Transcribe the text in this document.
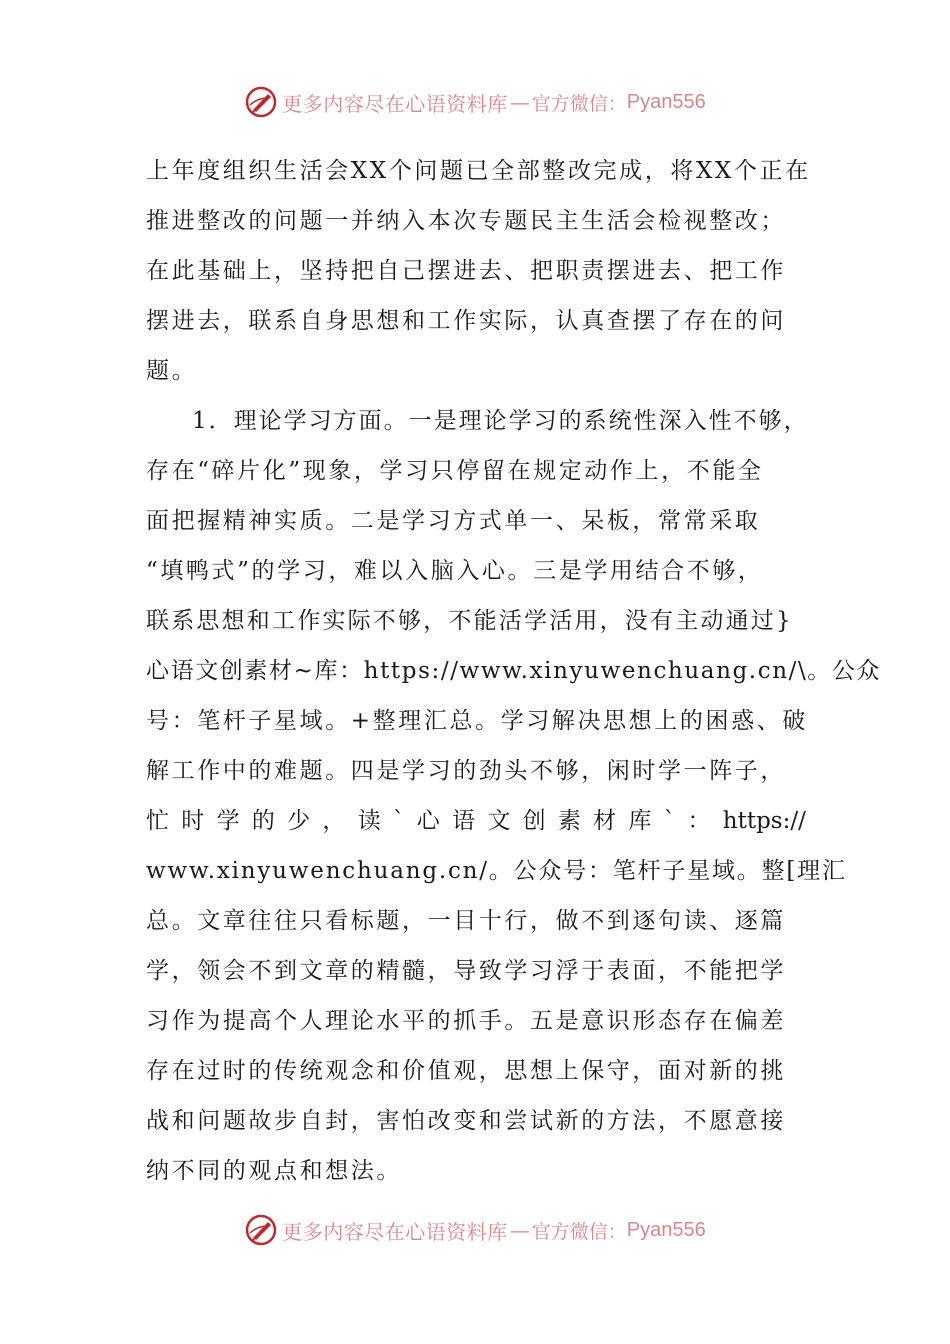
更多内容尽在心语资料库 — 官方微信： Pyan556
上年度组织生活会XX个问题已全部整改完成，将XX个正在
推进整改的问题一并纳入本次专题民主生活会检视整改；
在此基础上，坚持把自己摆进去、把职责摆进去、把工作
摆进去，联系自身思想和工作实际，认真查摆了存在的问
题。
1．理论学习方面。一是理论学习的系统性深入性不够，
存在“碎片化”现象，学习只停留在规定动作上，不能全
面把握精神实质。二是学习方式单一、呆板，常常采取
“填鸭式”的学习，难以入脑入心。三是学用结合不够，
联系思想和工作实际不够，不能活学活用，没有主动通过}
心语文创素材~库：https://www.xinyuwenchuang.cn/\。公众
号：笔杆子星域。+整理汇总。学习解决思想上的困惑、破
解工作中的难题。四是学习的劲头不够，闲时学一阵子，
忙 时 学 的 少 ， 读 ` 心 语 文 创 素 材 库 ` ： https://
www.xinyuwenchuang.cn/。公众号：笔杆子星域。整[理汇
总。文章往往只看标题，一目十行，做不到逐句读、逐篇
学，领会不到文章的精髓，导致学习浮于表面，不能把学
习作为提高个人理论水平的抓手。五是意识形态存在偏差
存在过时的传统观念和价值观，思想上保守，面对新的挑
战和问题故步自封，害怕改变和尝试新的方法，不愿意接
纳不同的观点和想法。
更多内容尽在心语资料库 — 官方微信： Pyan556
